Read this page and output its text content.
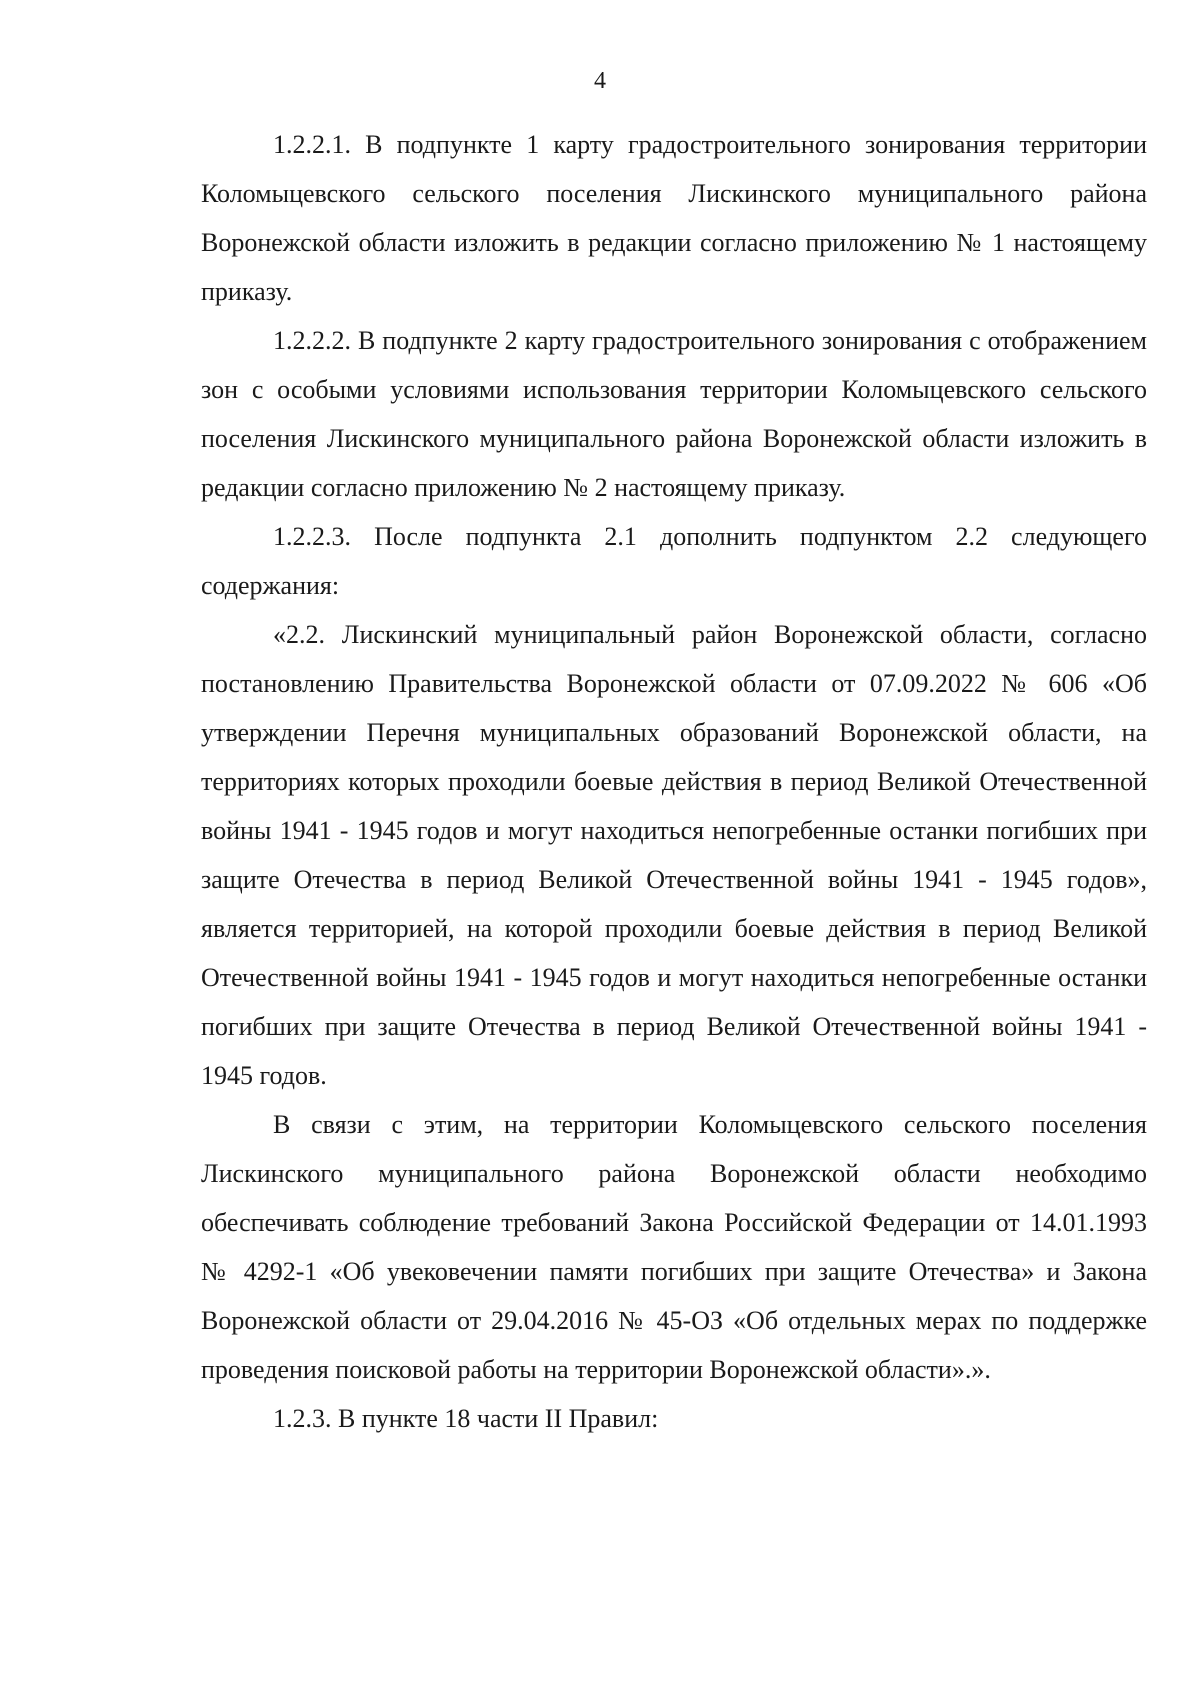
4

1.2.2.1. В подпункте 1 карту градостроительного зонирования территории Коломыцевского сельского поселения Лискинского муниципального района Воронежской области изложить в редакции согласно приложению № 1 настоящему приказу.

1.2.2.2. В подпункте 2 карту градостроительного зонирования с отображением зон с особыми условиями использования территории Коломыцевского сельского поселения Лискинского муниципального района Воронежской области изложить в редакции согласно приложению № 2 настоящему приказу.

1.2.2.3. После подпункта 2.1 дополнить подпунктом 2.2 следующего содержания:

«2.2. Лискинский муниципальный район Воронежской области, согласно постановлению Правительства Воронежской области от 07.09.2022 № 606 «Об утверждении Перечня муниципальных образований Воронежской области, на территориях которых проходили боевые действия в период Великой Отечественной войны 1941 - 1945 годов и могут находиться непогребенные останки погибших при защите Отечества в период Великой Отечественной войны 1941 - 1945 годов», является территорией, на которой проходили боевые действия в период Великой Отечественной войны 1941 - 1945 годов и могут находиться непогребенные останки погибших при защите Отечества в период Великой Отечественной войны 1941 - 1945 годов.

В связи с этим, на территории Коломыцевского сельского поселения Лискинского муниципального района Воронежской области необходимо обеспечивать соблюдение требований Закона Российской Федерации от 14.01.1993 № 4292-1 «Об увековечении памяти погибших при защите Отечества» и Закона Воронежской области от 29.04.2016 № 45-ОЗ «Об отдельных мерах по поддержке проведения поисковой работы на территории Воронежской области».».

1.2.3. В пункте 18 части II Правил:
